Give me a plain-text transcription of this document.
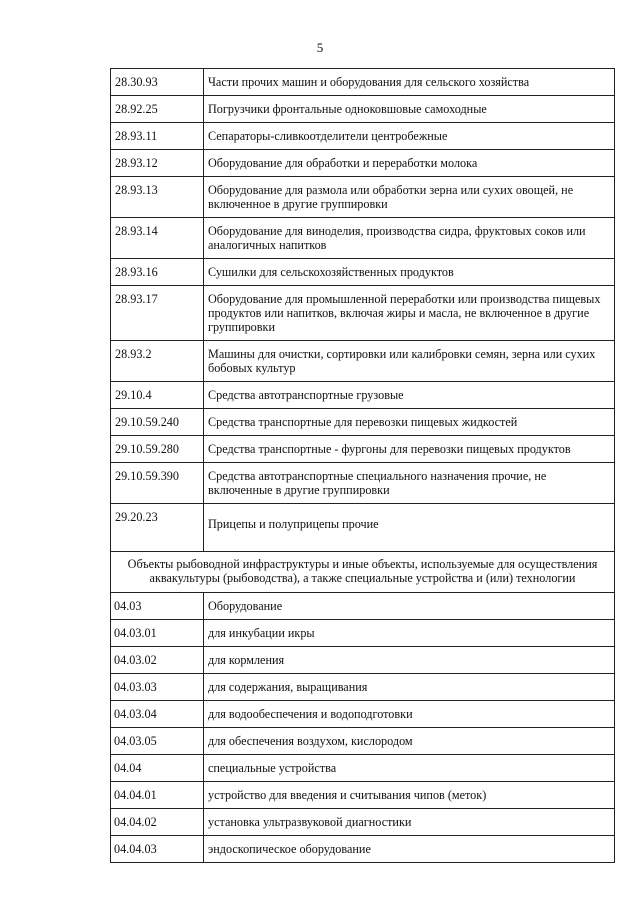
5
28.30.93	Части прочих машин и оборудования для сельского хозяйства
28.92.25	Погрузчики фронтальные одноковшовые самоходные
28.93.11	Сепараторы-сливкоотделители центробежные
28.93.12	Оборудование для обработки и переработки молока
28.93.13	Оборудование для размола или обработки зерна или сухих овощей, не включенное в другие группировки
28.93.14	Оборудование для виноделия, производства сидра, фруктовых соков или аналогичных напитков
28.93.16	Сушилки для сельскохозяйственных продуктов
28.93.17	Оборудование для промышленной переработки или производства пищевых продуктов или напитков, включая жиры и масла, не включенное в другие группировки
28.93.2	Машины для очистки, сортировки или калибровки семян, зерна или сухих бобовых культур
29.10.4	Средства автотранспортные грузовые
29.10.59.240	Средства транспортные для перевозки пищевых жидкостей
29.10.59.280	Средства транспортные - фургоны для перевозки пищевых продуктов
29.10.59.390	Средства автотранспортные специального назначения прочие, не включенные в другие группировки
29.20.23	Прицепы и полуприцепы прочие
Объекты рыбоводной инфраструктуры и иные объекты, используемые для осуществления аквакультуры (рыбоводства), а также специальные устройства и (или) технологии	
04.03	Оборудование
04.03.01	для инкубации икры
04.03.02	для кормления
04.03.03	для содержания, выращивания
04.03.04	для водообеспечения и водоподготовки
04.03.05	для обеспечения воздухом, кислородом
04.04	специальные устройства
04.04.01	устройство для введения и считывания чипов (меток)
04.04.02	установка ультразвуковой диагностики
04.04.03	эндоскопическое оборудование
